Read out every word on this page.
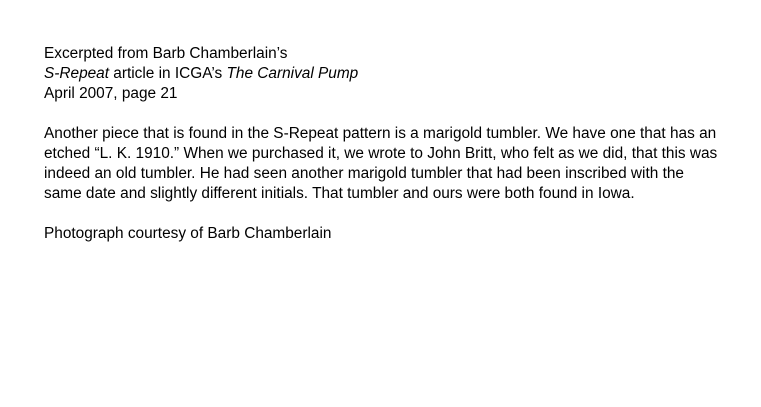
Excerpted from Barb Chamberlain’s
S-Repeat article in ICGA’s The Carnival Pump
April 2007, page 21

Another piece that is found in the S-Repeat pattern is a marigold tumbler. We have one that has an etched “L. K. 1910.” When we purchased it, we wrote to John Britt, who felt as we did, that this was indeed an old tumbler. He had seen another marigold tumbler that had been inscribed with the same date and slightly different initials. That tumbler and ours were both found in Iowa.

Photograph courtesy of Barb Chamberlain
